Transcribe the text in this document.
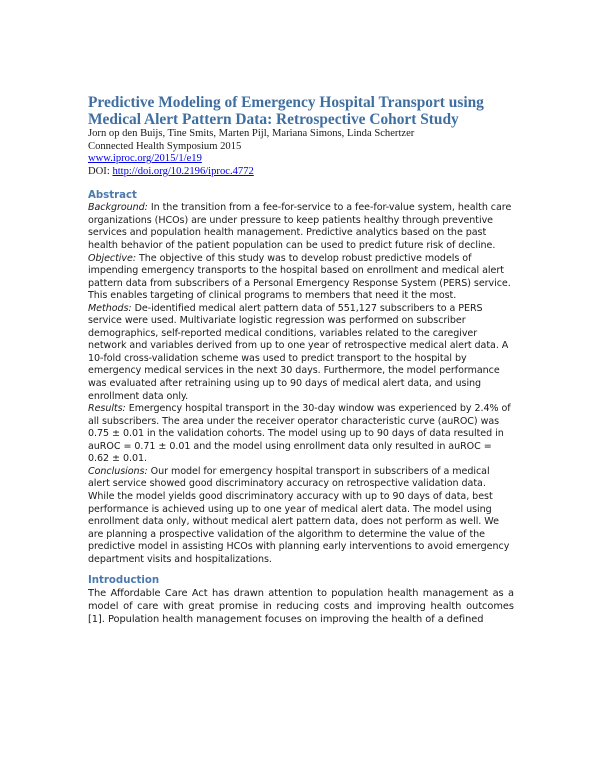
Predictive Modeling of Emergency Hospital Transport using Medical Alert Pattern Data: Retrospective Cohort Study
Jorn op den Buijs, Tine Smits, Marten Pijl, Mariana Simons, Linda Schertzer
Connected Health Symposium 2015
www.iproc.org/2015/1/e19
DOI: http://doi.org/10.2196/iproc.4772
Abstract
Background: In the transition from a fee-for-service to a fee-for-value system, health care organizations (HCOs) are under pressure to keep patients healthy through preventive services and population health management. Predictive analytics based on the past health behavior of the patient population can be used to predict future risk of decline.
Objective: The objective of this study was to develop robust predictive models of impending emergency transports to the hospital based on enrollment and medical alert pattern data from subscribers of a Personal Emergency Response System (PERS) service. This enables targeting of clinical programs to members that need it the most.
Methods: De-identified medical alert pattern data of 551,127 subscribers to a PERS service were used. Multivariate logistic regression was performed on subscriber demographics, self-reported medical conditions, variables related to the caregiver network and variables derived from up to one year of retrospective medical alert data. A 10-fold cross-validation scheme was used to predict transport to the hospital by emergency medical services in the next 30 days. Furthermore, the model performance was evaluated after retraining using up to 90 days of medical alert data, and using enrollment data only.
Results: Emergency hospital transport in the 30-day window was experienced by 2.4% of all subscribers. The area under the receiver operator characteristic curve (auROC) was 0.75 ± 0.01 in the validation cohorts. The model using up to 90 days of data resulted in auROC = 0.71 ± 0.01 and the model using enrollment data only resulted in auROC = 0.62 ± 0.01.
Conclusions: Our model for emergency hospital transport in subscribers of a medical alert service showed good discriminatory accuracy on retrospective validation data. While the model yields good discriminatory accuracy with up to 90 days of data, best performance is achieved using up to one year of medical alert data. The model using enrollment data only, without medical alert pattern data, does not perform as well. We are planning a prospective validation of the algorithm to determine the value of the predictive model in assisting HCOs with planning early interventions to avoid emergency department visits and hospitalizations.
Introduction

The Affordable Care Act has drawn attention to population health management as a model of care with great promise in reducing costs and improving health outcomes [1]. Population health management focuses on improving the health of a defined
